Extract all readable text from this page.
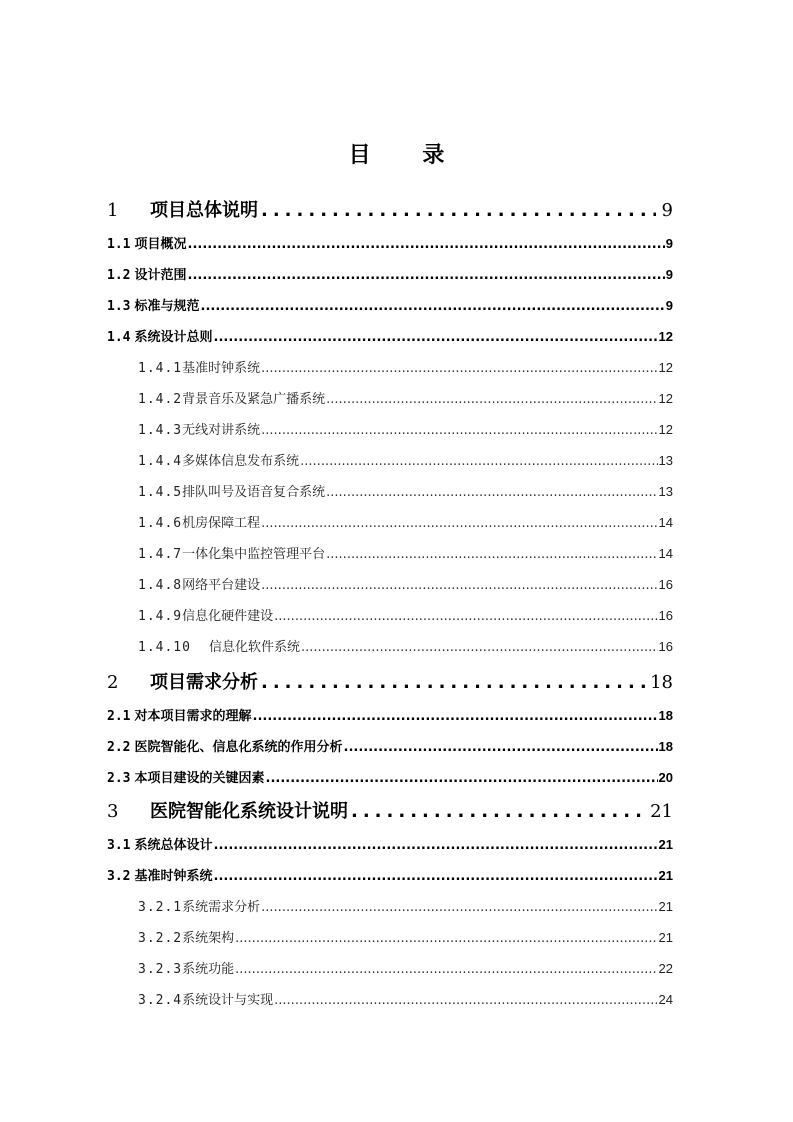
目 录
1	项目总体说明 .....	9
1.1 项目概况 .....	9
1.2 设计范围 .....	9
1.3 标准与规范 .....	9
1.4 系统设计总则 .....	12
1.4.1 基准时钟系统 .....	12
1.4.2 背景音乐及紧急广播系统 .....	12
1.4.3 无线对讲系统 .....	12
1.4.4 多媒体信息发布系统 .....	13
1.4.5 排队叫号及语音复合系统 .....	13
1.4.6 机房保障工程 .....	14
1.4.7 一体化集中监控管理平台 .....	14
1.4.8 网络平台建设 .....	16
1.4.9 信息化硬件建设 .....	16
1.4.10 信息化软件系统 .....	16
2	项目需求分析 .....	18
2.1 对本项目需求的理解 .....	18
2.2 医院智能化、信息化系统的作用分析 .....	18
2.3 本项目建设的关键因素 .....	20
3	医院智能化系统设计说明 .....	21
3.1 系统总体设计 .....	21
3.2 基准时钟系统 .....	21
3.2.1 系统需求分析 .....	21
3.2.2 系统架构 .....	21
3.2.3 系统功能 .....	22
3.2.4 系统设计与实现 .....	24
